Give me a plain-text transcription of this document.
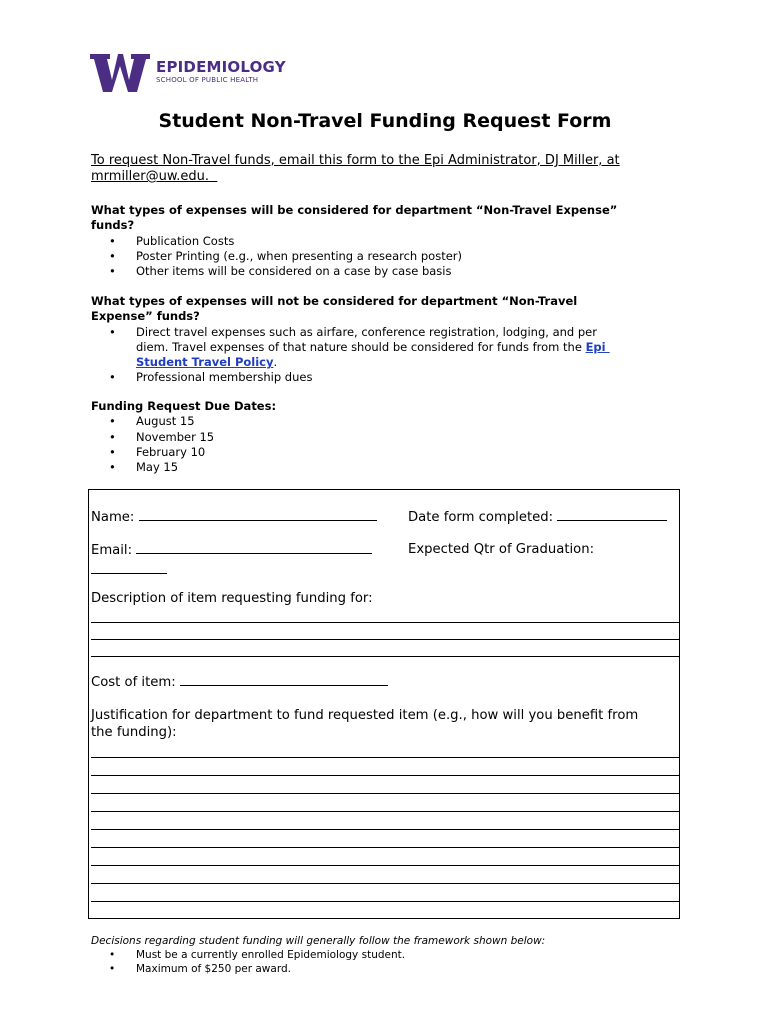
EPIDEMIOLOGY
SCHOOL OF PUBLIC HEALTH
Student Non-Travel Funding Request Form

To request Non-Travel funds, email this form to the Epi Administrator, DJ Miller, at
mrmiller@uw.edu.

What types of expenses will be considered for department “Non-Travel Expense”
funds?

• Publication Costs
• Poster Printing (e.g., when presenting a research poster)
• Other items will be considered on a case by case basis

What types of expenses will not be considered for department “Non-Travel
Expense” funds?

• Direct travel expenses such as airfare, conference registration, lodging, and per
diem. Travel expenses of that nature should be considered for funds from the Epi
Student Travel Policy.
• Professional membership dues

Funding Request Due Dates:

• August 15
• November 15
• February 10
• May 15
Name:	Date form completed:
Email:	Expected Qtr of Graduation:
Description of item requesting funding for:
Cost of item:
Justification for department to fund requested item (e.g., how will you benefit from
the funding):

Decisions regarding student funding will generally follow the framework shown below:

• Must be a currently enrolled Epidemiology student.
• Maximum of $250 per award.
